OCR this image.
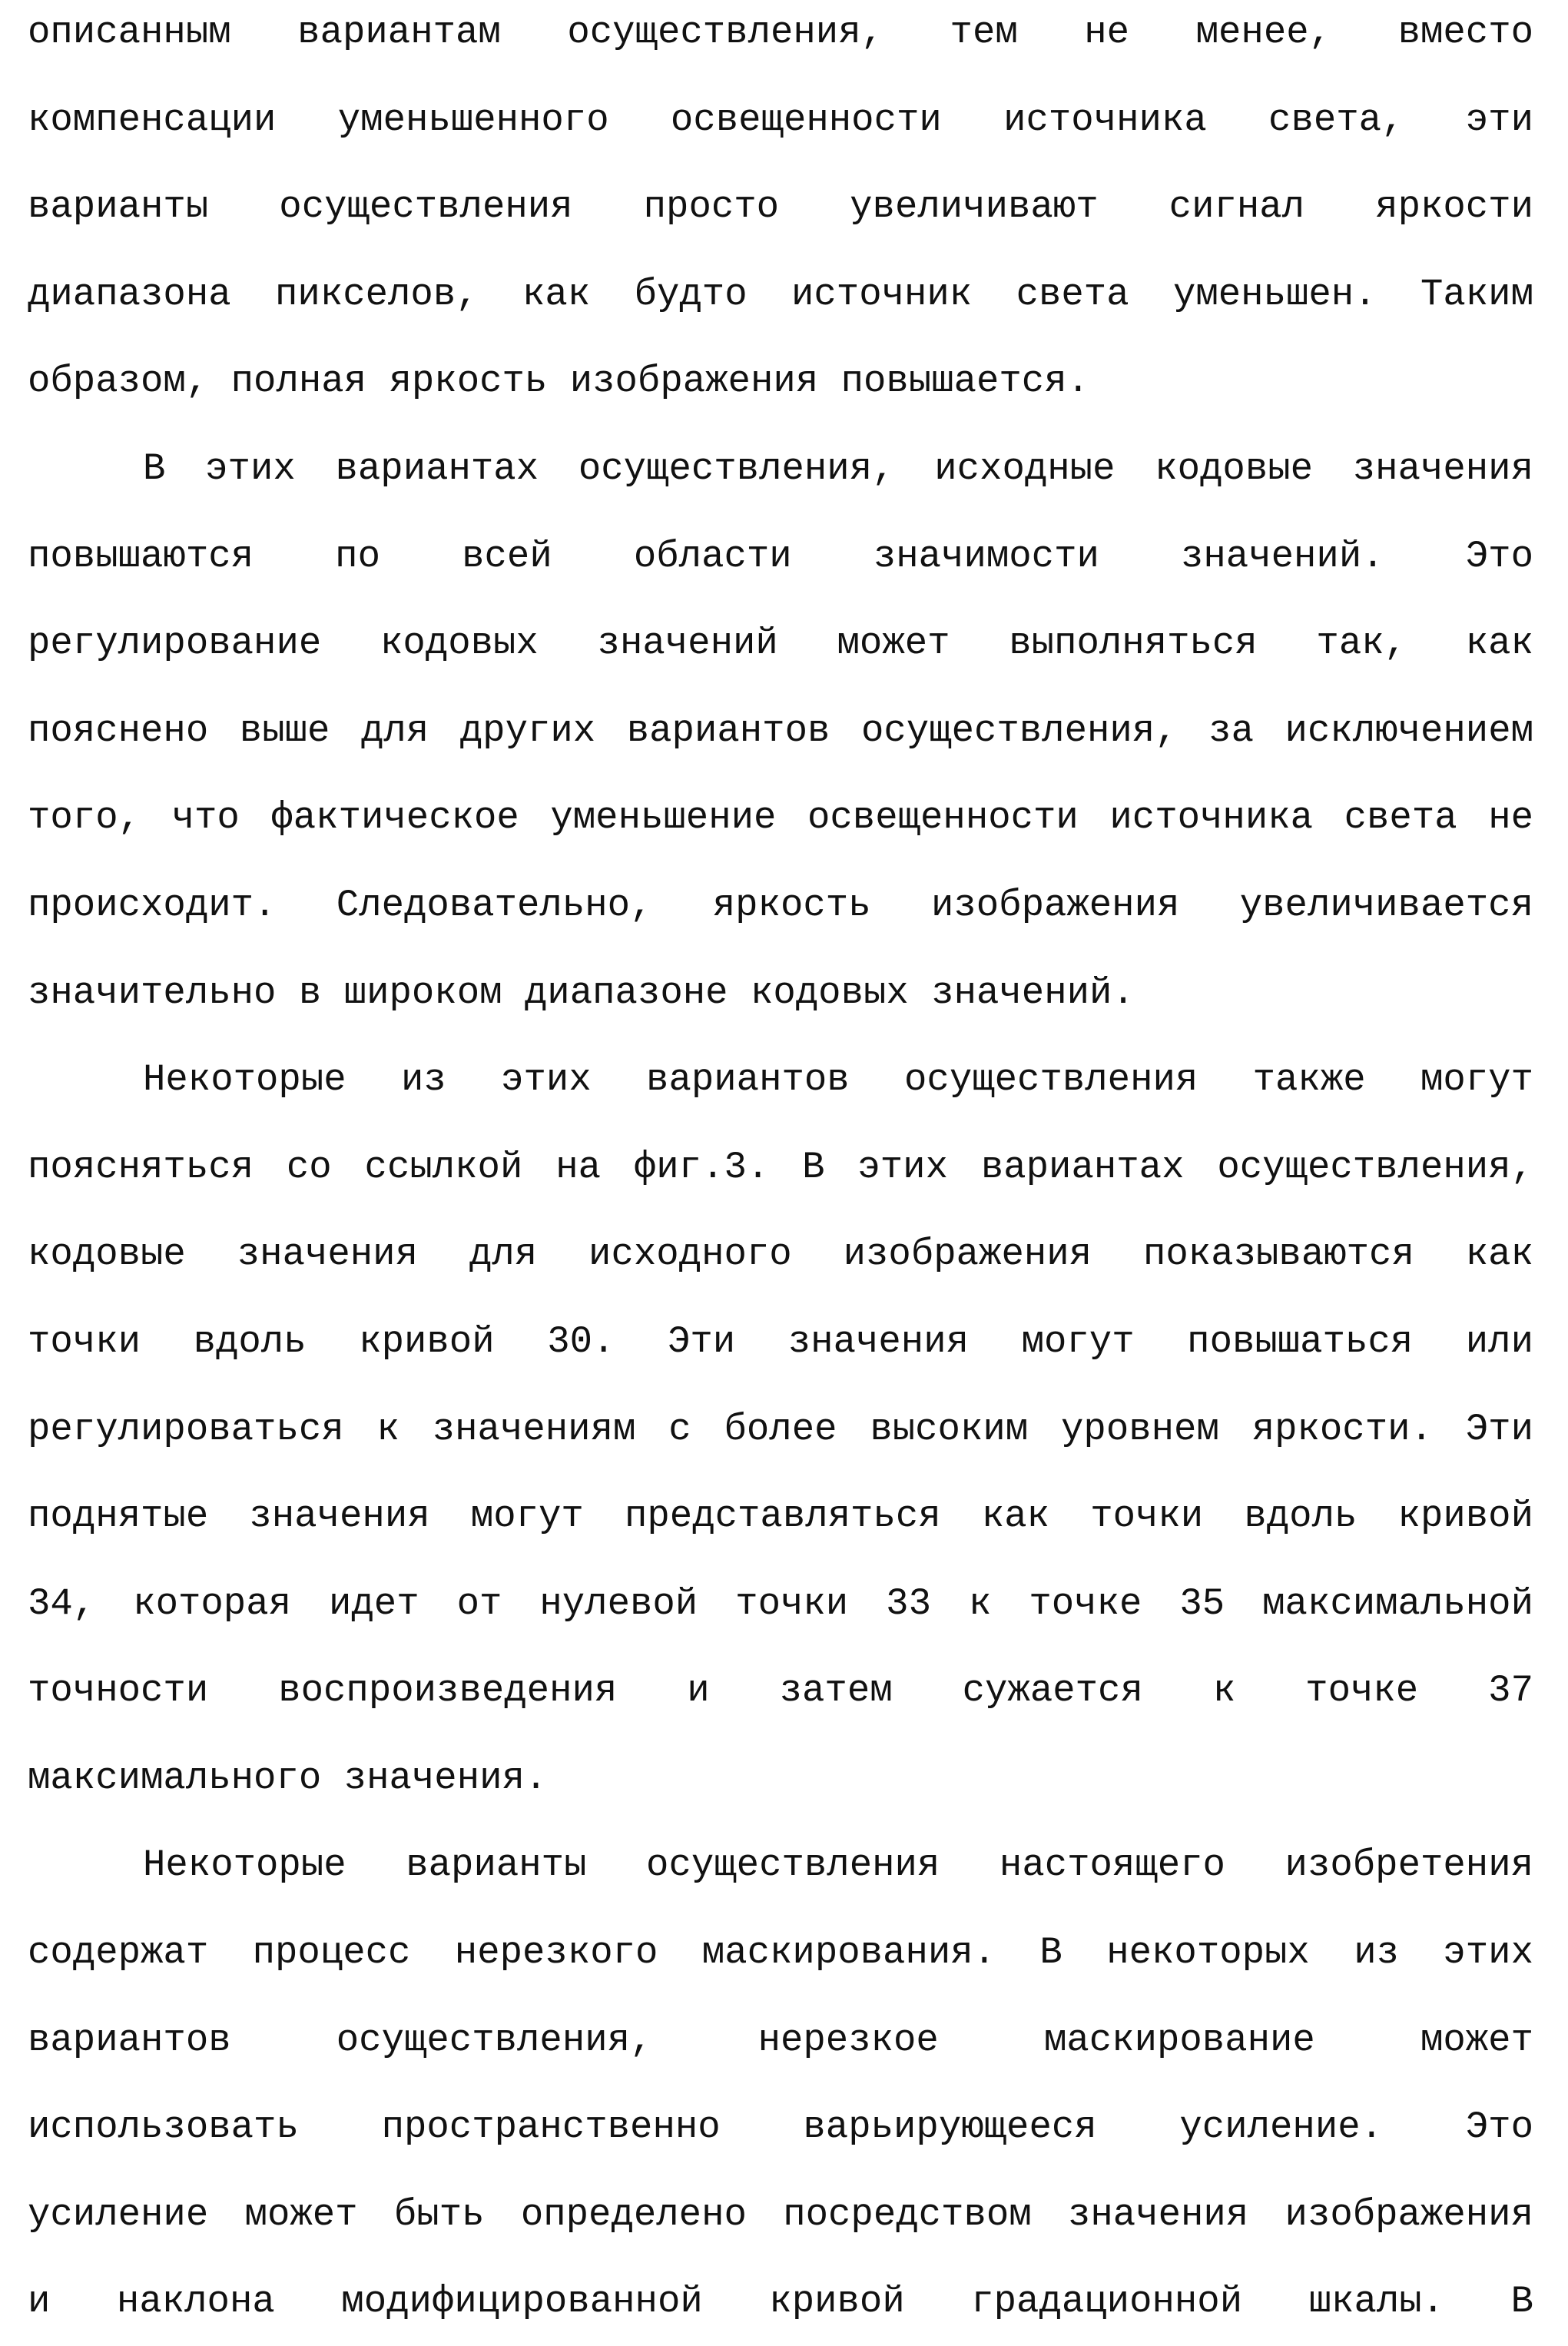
описанным вариантам осуществления, тем не менее, вместо
компенсации уменьшенного освещенности источника света, эти
варианты осуществления просто увеличивают сигнал яркости
диапазона пикселов, как будто источник света уменьшен. Таким
образом, полная яркость изображения повышается.
В этих вариантах осуществления, исходные кодовые значения
повышаются по всей области значимости значений. Это
регулирование кодовых значений может выполняться так, как
пояснено выше для других вариантов осуществления, за исключением
того, что фактическое уменьшение освещенности источника света не
происходит. Следовательно, яркость изображения увеличивается
значительно в широком диапазоне кодовых значений.
Некоторые из этих вариантов осуществления также могут
поясняться со ссылкой на фиг.3. В этих вариантах осуществления,
кодовые значения для исходного изображения показываются как
точки вдоль кривой 30. Эти значения могут повышаться или
регулироваться к значениям с более высоким уровнем яркости. Эти
поднятые значения могут представляться как точки вдоль кривой
34, которая идет от нулевой точки 33 к точке 35 максимальной
точности воспроизведения и затем сужается к точке 37
максимального значения.
Некоторые варианты осуществления настоящего изобретения
содержат процесс нерезкого маскирования. В некоторых из этих
вариантов осуществления, нерезкое маскирование может
использовать пространственно варьирующееся усиление. Это
усиление может быть определено посредством значения изображения
и наклона модифицированной кривой градационной шкалы. В
